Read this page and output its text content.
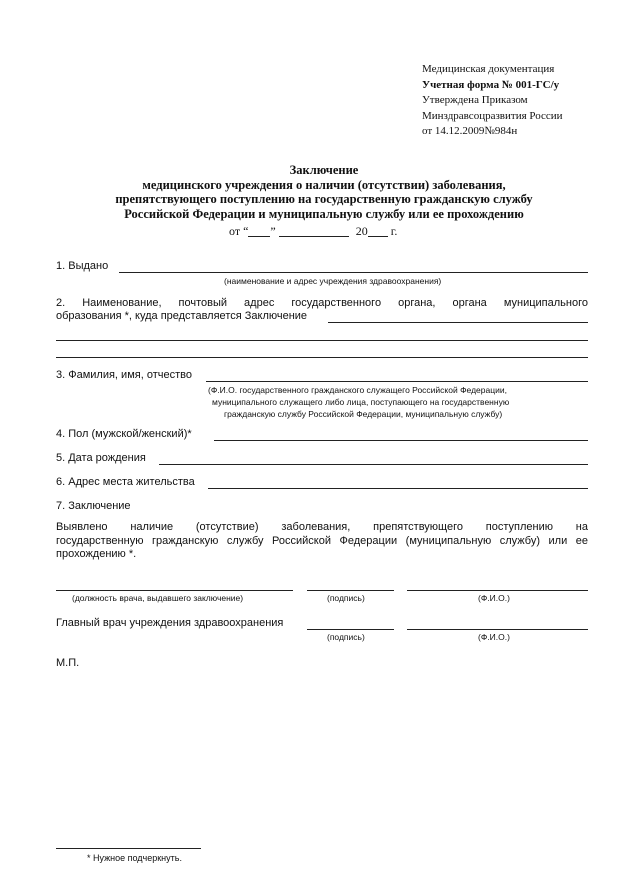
Медицинская документация
Учетная форма № 001-ГС/у
Утверждена Приказом
Минздравсоцразвития России
от 14.12.2009№984н
Заключение
медицинского учреждения о наличии (отсутствии) заболевания,
препятствующего поступлению на государственную гражданскую службу
Российской Федерации и муниципальную службу или ее прохождению
от “ ”	20 г.
1. Выдано
(наименование и адрес учреждения здравоохранения)
2. Наименование, почтовый адрес государственного органа, органа муниципального
образования *, куда представляется Заключение
3. Фамилия, имя, отчество
(Ф.И.О. государственного гражданского служащего Российской Федерации,
муниципального служащего либо лица, поступающего на государственную
гражданскую службу Российской Федерации, муниципальную службу)
4. Пол (мужской/женский)*
5. Дата рождения
6. Адрес места жительства
7. Заключение
Выявлено наличие (отсутствие) заболевания, препятствующего поступлению на
государственную гражданскую службу Российской Федерации (муниципальную службу) или ее
прохождению *.
(должность врача, выдавшего заключение)	(подпись)	(Ф.И.О.)
Главный врач учреждения здравоохранения
(подпись)	(Ф.И.О.)
М.П.
* Нужное подчеркнуть.
